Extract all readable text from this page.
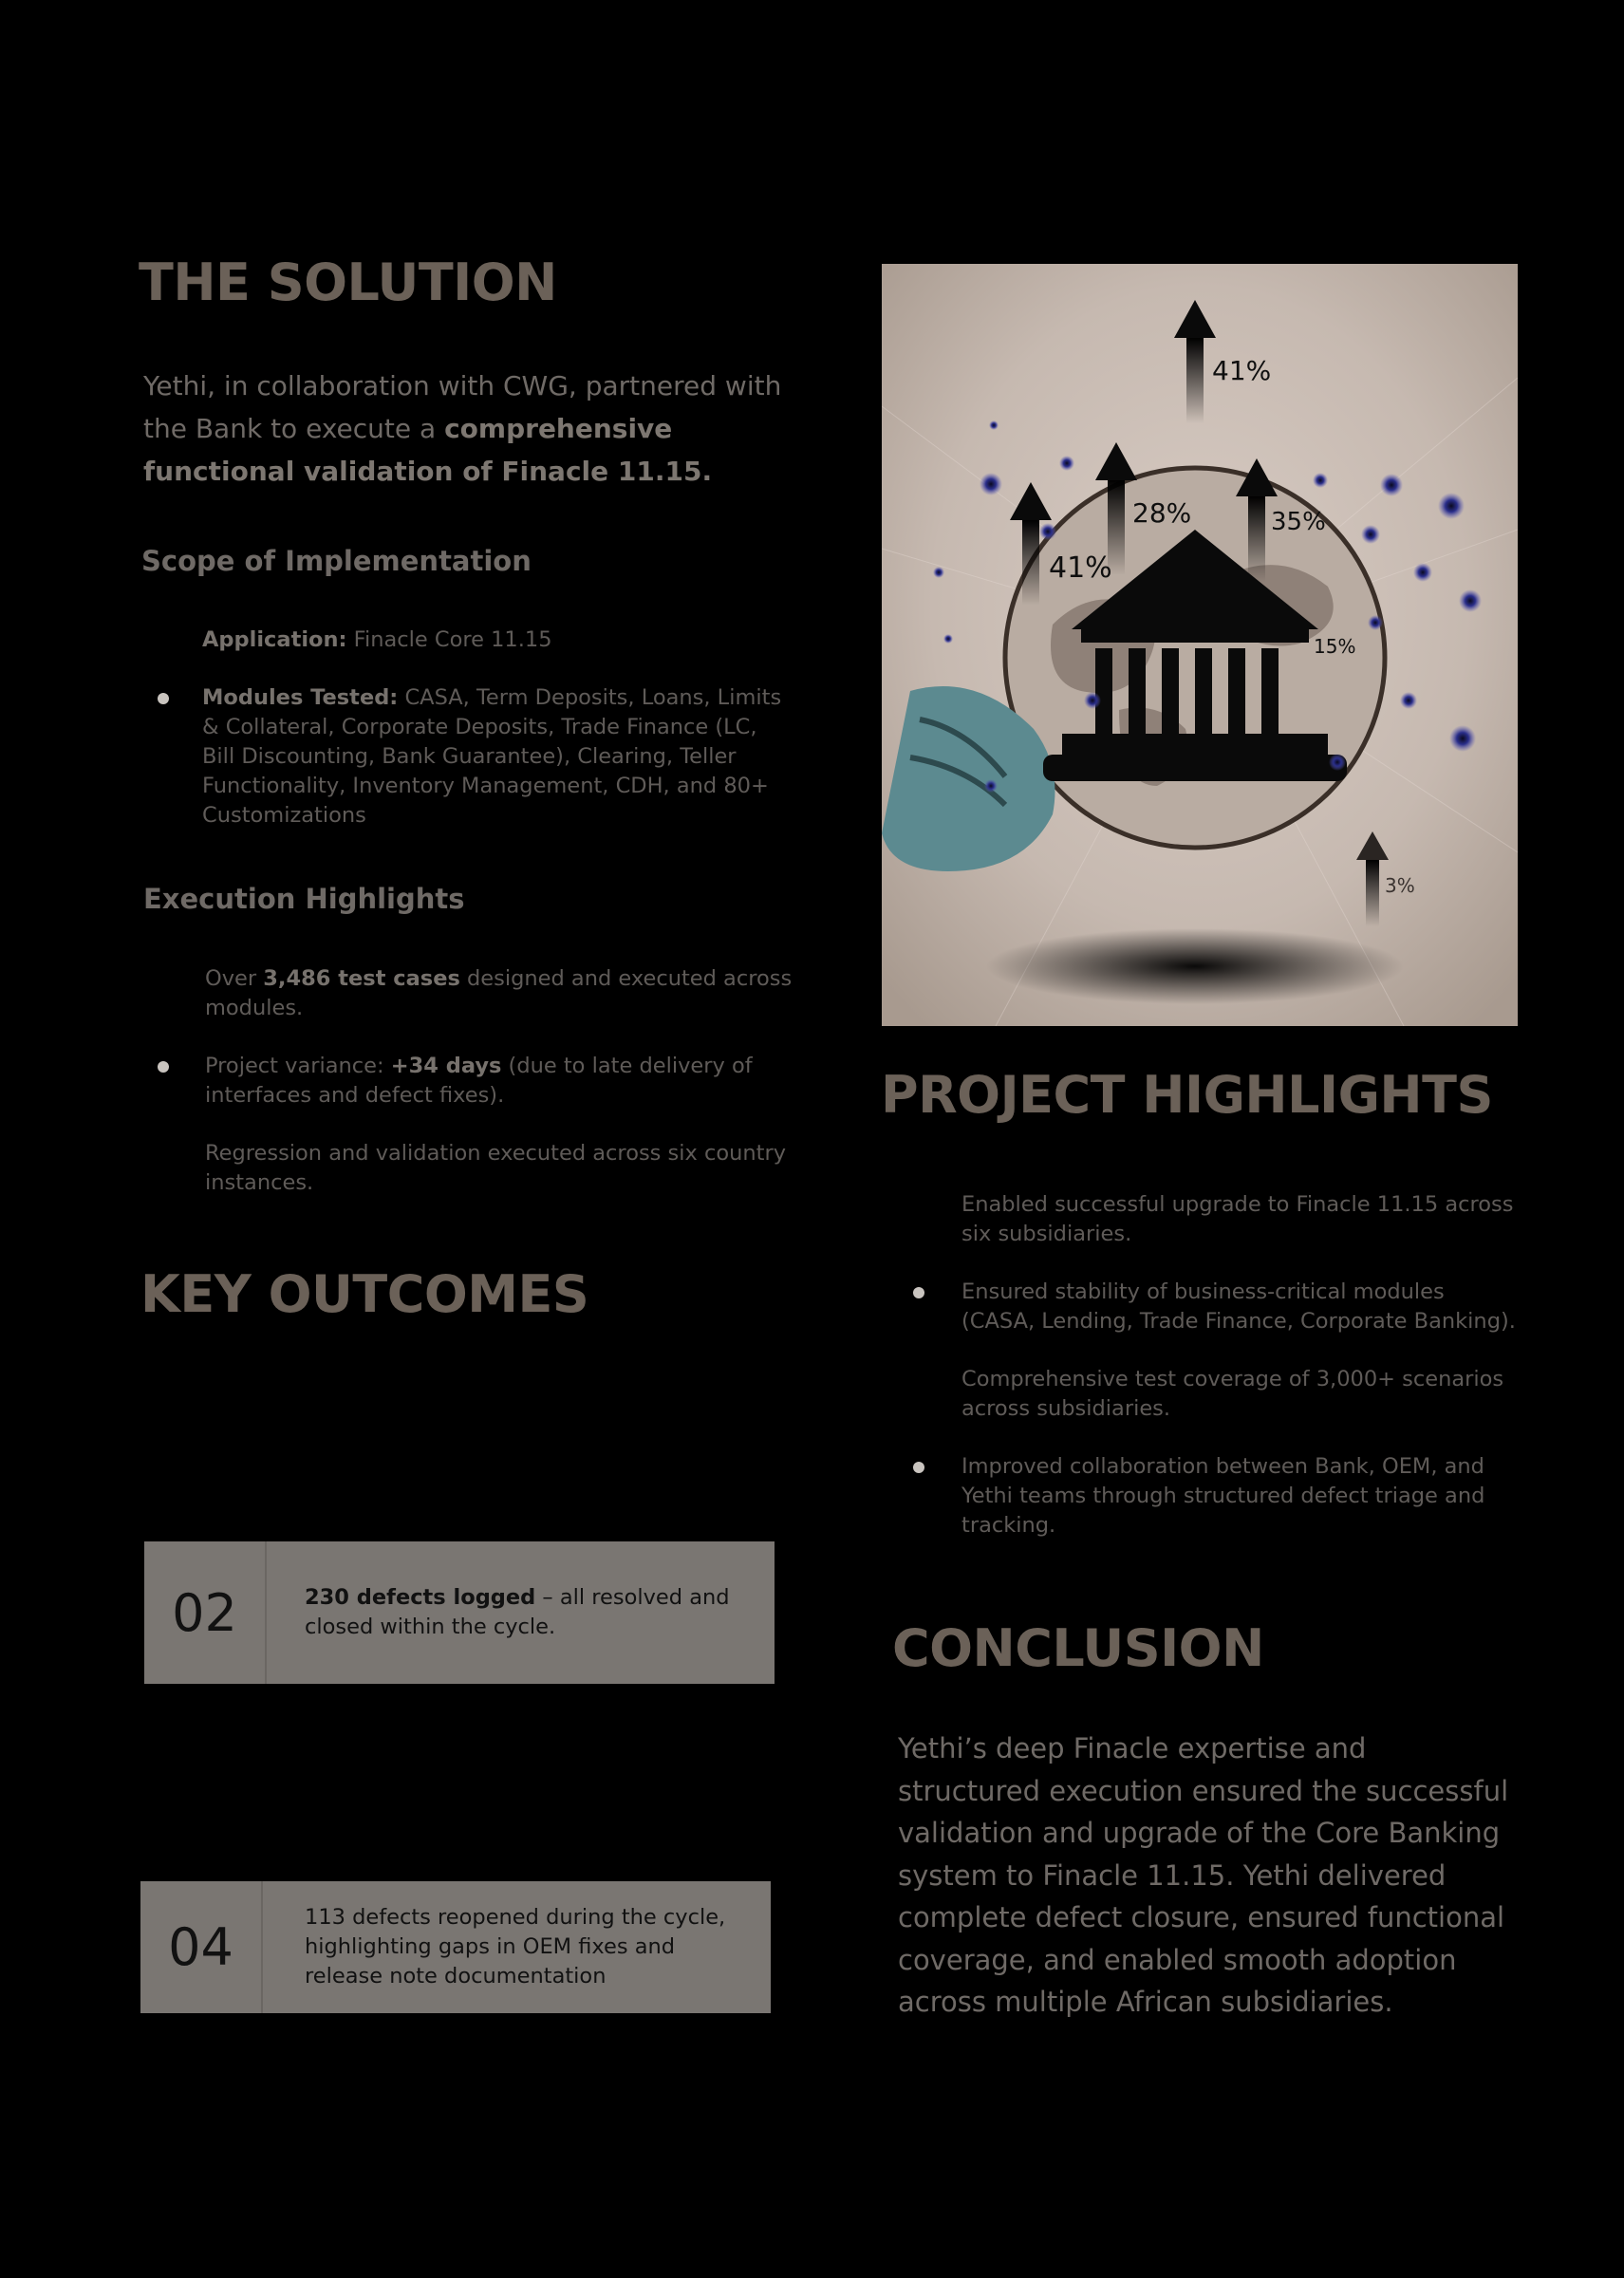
THE SOLUTION

Yethi, in collaboration with CWG, partnered with the Bank to execute a comprehensive functional validation of Finacle 11.15.

Scope of Implementation
Application: Finacle Core 11.15
Modules Tested: CASA, Term Deposits, Loans, Limits & Collateral, Corporate Deposits, Trade Finance (LC, Bill Discounting, Bank Guarantee), Clearing, Teller Functionality, Inventory Management, CDH, and 80+ Customizations
Execution Highlights
Over 3,486 test cases designed and executed across modules.
Project variance: +34 days (due to late delivery of interfaces and defect fixes).
Regression and validation executed across six country instances.
KEY OUTCOMES
02	230 defects logged – all resolved and closed within the cycle.
04	113 defects reopened during the cycle, highlighting gaps in OEM fixes and release note documentation
41%
28%	35%
41%
15%
3%
PROJECT HIGHLIGHTS
Enabled successful upgrade to Finacle 11.15 across six subsidiaries.
Ensured stability of business-critical modules (CASA, Lending, Trade Finance, Corporate Banking).
Comprehensive test coverage of 3,000+ scenarios across subsidiaries.
Improved collaboration between Bank, OEM, and Yethi teams through structured defect triage and tracking.
CONCLUSION

Yethi’s deep Finacle expertise and structured execution ensured the successful validation and upgrade of the Core Banking system to Finacle 11.15. Yethi delivered complete defect closure, ensured functional coverage, and enabled smooth adoption across multiple African subsidiaries.
